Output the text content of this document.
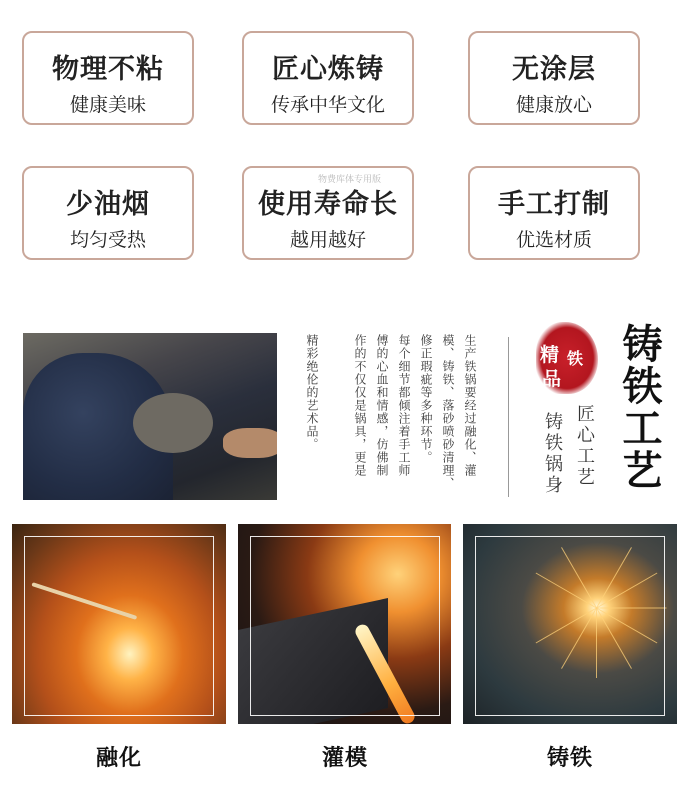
物理不粘
健康美味
匠心炼铸
传承中华文化
无涂层
健康放心
少油烟
均匀受热
使用寿命长
越用越好
手工打制
优选材质
物费库体专用版
生产铁锅要经过融化、灌
模、铸铁、落砂喷砂清理、
修正瑕疵等多种环节。
每个细节都倾注着手工师
傅的心血和情感，仿佛制
作的不仅仅是锅具，更是
精彩绝伦的艺术品。	精
品
铁
匠心工艺
铸铁锅身 铸铁工艺
融化	灌模	铸铁
